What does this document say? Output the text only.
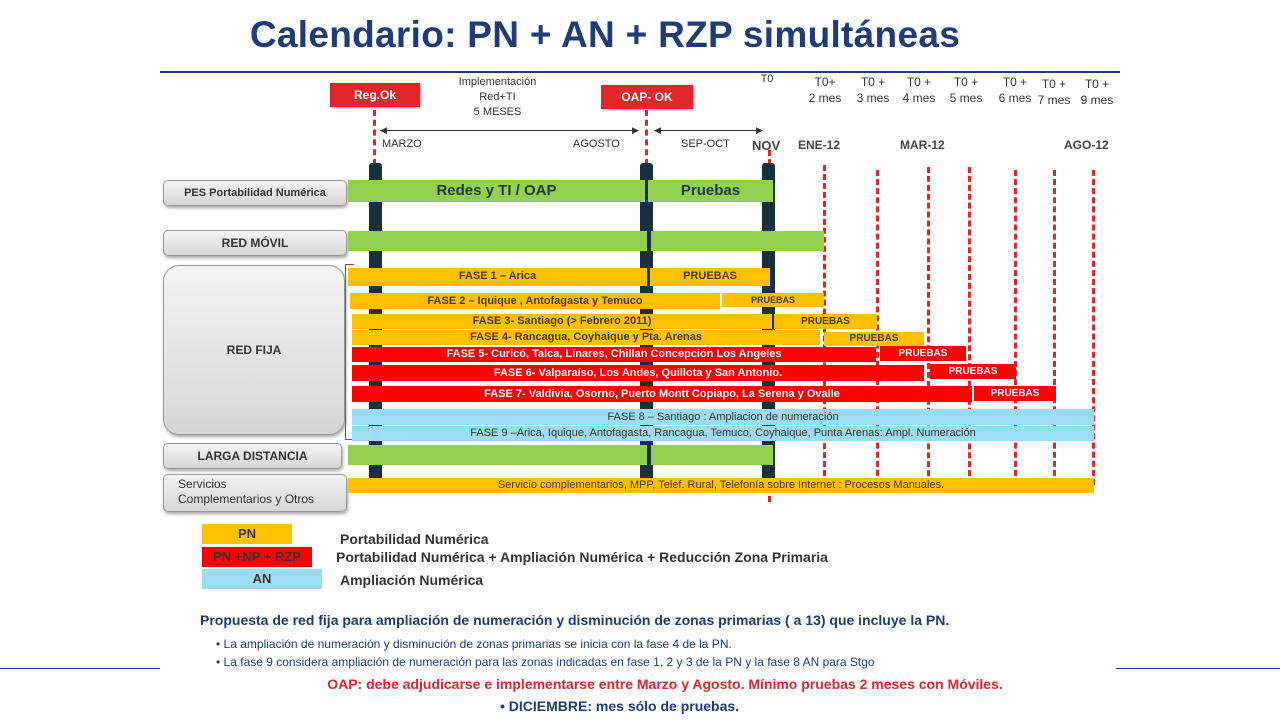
Calendario: PN + AN + RZP simultáneas
Reg.Ok	OAP- OK
Implementación
Red+TI
5 MESES
T0	T0+
2 mes
T0 +
3 mes
T0 +
4 mes
T0 +
5 mes
T0 +
6 mes
T0 +
7 mes
T0 +
9 mes
◀	▶ ◀	▶
MARZO	AGOSTO	SEP-OCT NOV ENE-12	MAR-12	AGO-12
PES Portabilidad Numérica
RED MÓVIL
RED FIJA
LARGA DISTANCIA
Servicios
Complementarios y Otros
Redes y TI / OAP	Pruebas
FASE 1 – Arica	PRUEBAS
FASE 2 – Iquique , Antofagasta y Temuco	PRUEBAS
FASE 3- Santiago (> Febrero 2011)	PRUEBAS
FASE 4- Rancagua, Coyhaique y Pta. Arenas	PRUEBAS
FASE 5- Curicó, Talca, Linares, Chillan Concepción Los Angeles	PRUEBAS
FASE 6- Valparaíso, Los Andes, Quillota y San Antonio.	PRUEBAS
FASE 7- Valdivia, Osorno, Puerto Montt Copiapo, La Serena y Ovalle	PRUEBAS
FASE 8 – Santiago : Ampliacion de numeración
FASE 9 –Arica, Iquique, Antofagasta, Rancagua, Temuco, Coyhaique, Punta Arenas: Ampl. Numeración
Servicio complementarios, MPP, Telef. Rural, Telefonía sobre Internet : Procesos Manuales.
PN	Portabilidad Numérica
PN +NP + RZP	Portabilidad Numérica + Ampliación Numérica + Reducción Zona Primaria
AN	Ampliación Numérica
Propuesta de red fija para ampliación de numeración y disminución de zonas primarias ( a 13) que incluye la PN.
• La ampliación de numeración y disminución de zonas primarias se inicia con la fase 4 de la PN.
• La fase 9 considera ampliación de numeración para las zonas indicadas en fase 1, 2 y 3 de la PN y la fase 8 AN para Stgo
OAP: debe adjudicarse e implementarse entre Marzo y Agosto. Mínimo pruebas 2 meses con Móviles.
• DICIEMBRE: mes sólo de pruebas.
